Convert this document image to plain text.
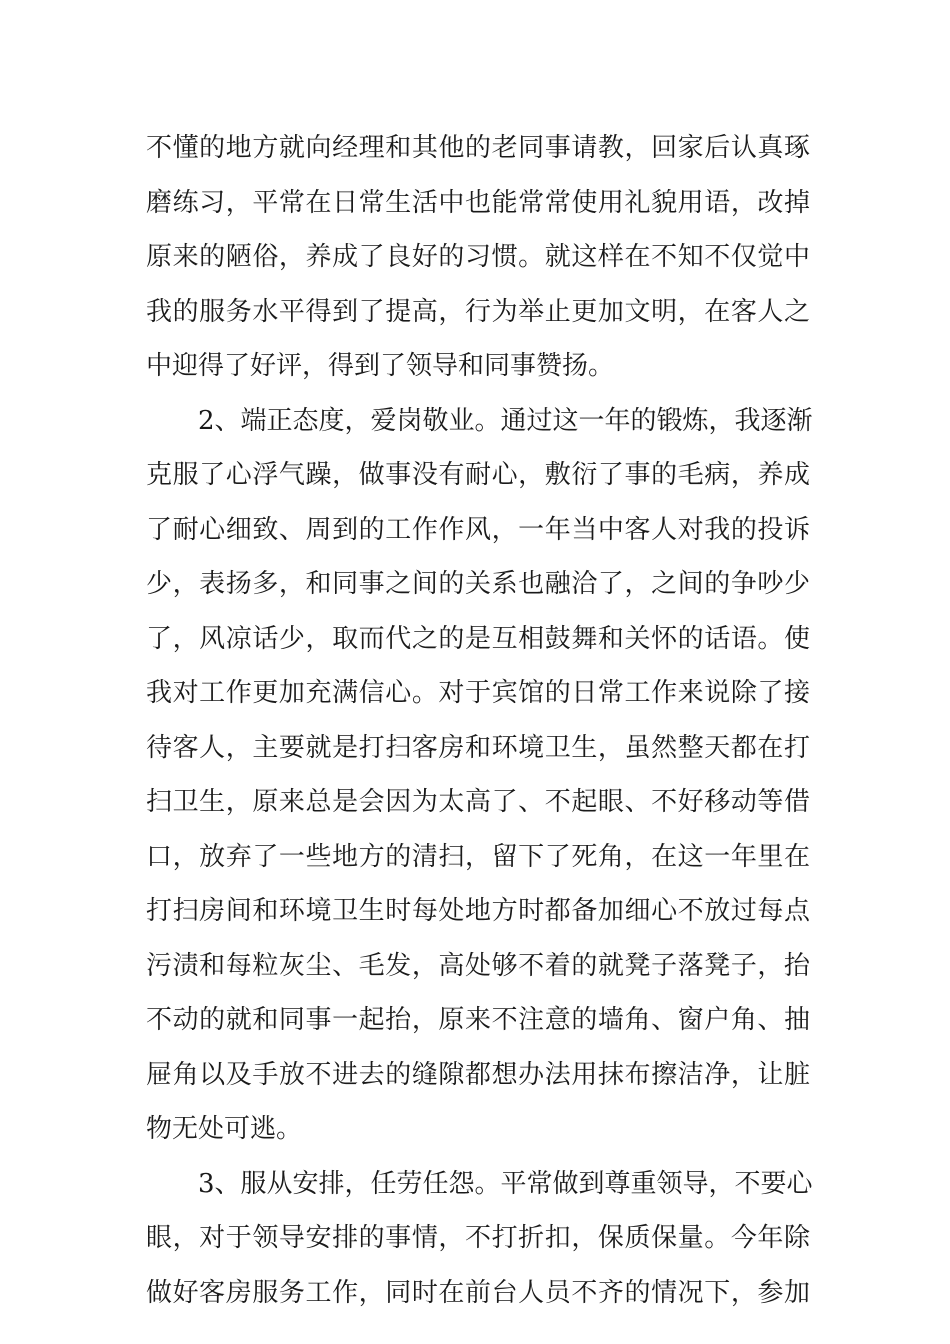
不懂的地方就向经理和其他的老同事请教，回家后认真琢
磨练习，平常在日常生活中也能常常使用礼貌用语，改掉
原来的陋俗，养成了良好的习惯。就这样在不知不仅觉中
我的服务水平得到了提高，行为举止更加文明，在客人之
中迎得了好评，得到了领导和同事赞扬。
2、端正态度，爱岗敬业。通过这一年的锻炼，我逐渐
克服了心浮气躁，做事没有耐心，敷衍了事的毛病，养成
了耐心细致、周到的工作作风，一年当中客人对我的投诉
少，表扬多，和同事之间的关系也融洽了，之间的争吵少
了，风凉话少，取而代之的是互相鼓舞和关怀的话语。使
我对工作更加充满信心。对于宾馆的日常工作来说除了接
待客人，主要就是打扫客房和环境卫生，虽然整天都在打
扫卫生，原来总是会因为太高了、不起眼、不好移动等借
口，放弃了一些地方的清扫，留下了死角，在这一年里在
打扫房间和环境卫生时每处地方时都备加细心不放过每点
污渍和每粒灰尘、毛发，高处够不着的就凳子落凳子，抬
不动的就和同事一起抬，原来不注意的墙角、窗户角、抽
屉角以及手放不进去的缝隙都想办法用抹布擦洁净，让脏
物无处可逃。
3、服从安排，任劳任怨。平常做到尊重领导，不要心
眼，对于领导安排的事情，不打折扣，保质保量。今年除
做好客房服务工作，同时在前台人员不齐的情况下，参加
